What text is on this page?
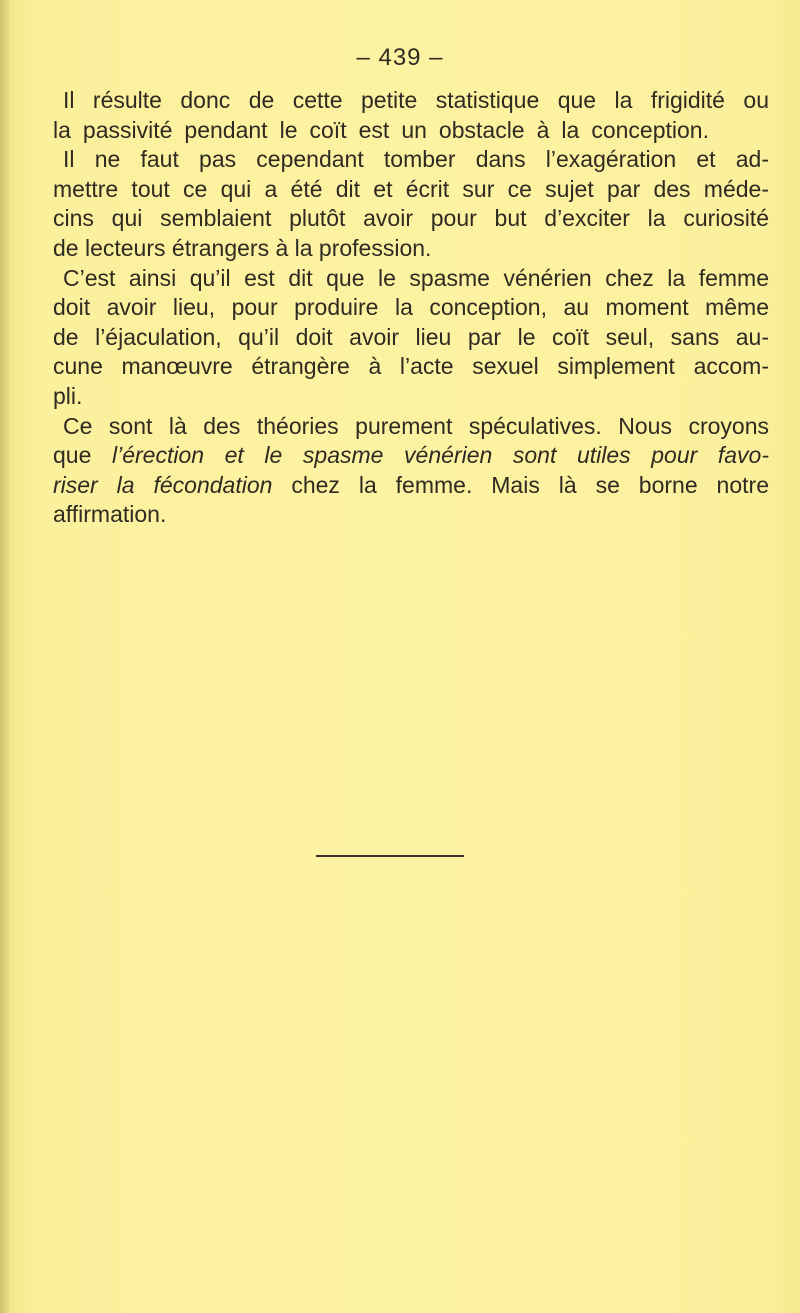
– 439 –
Il résulte donc de cette petite statistique que la frigidité ou
la passivité pendant le coït est un obstacle à la conception.
Il ne faut pas cependant tomber dans l’exagération et ad-
mettre tout ce qui a été dit et écrit sur ce sujet par des méde-
cins qui semblaient plutôt avoir pour but d’exciter la curiosité
de lecteurs étrangers à la profession.
C’est ainsi qu’il est dit que le spasme vénérien chez la femme
doit avoir lieu, pour produire la conception, au moment même
de l’éjaculation, qu’il doit avoir lieu par le coït seul, sans au-
cune manœuvre étrangère à l’acte sexuel simplement accom-
pli.
Ce sont là des théories purement spéculatives. Nous croyons
que l’érection et le spasme vénérien sont utiles pour favo-
riser la fécondation chez la femme. Mais là se borne notre
affirmation.
